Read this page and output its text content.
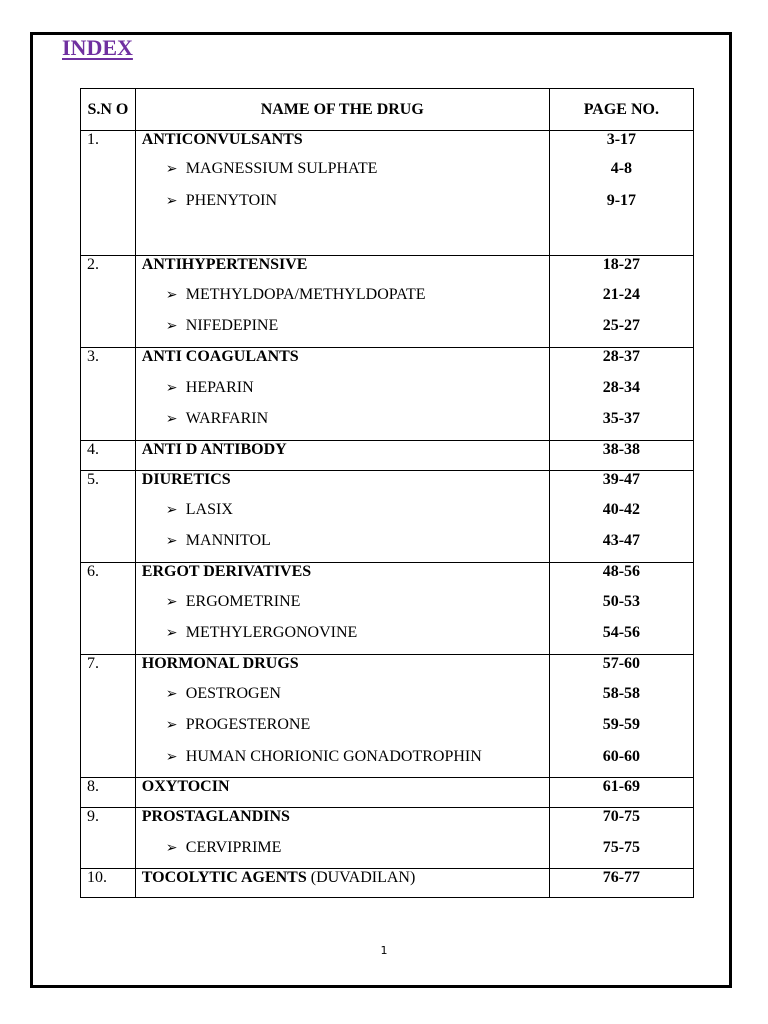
INDEX
S.N O	NAME OF THE DRUG	PAGE NO.
1.	ANTICONVULSANTS	3-17

	➢ MAGNESSIUM SULPHATE	4-8

	➢ PHENYTOIN	9-17

2.	ANTIHYPERTENSIVE	18-27

	➢ METHYLDOPA/METHYLDOPATE	21-24

	➢ NIFEDEPINE	25-27
3.	ANTI COAGULANTS	28-37

	➢ HEPARIN	28-34

	➢ WARFARIN	35-37
4.	ANTI D ANTIBODY	38-38
5.	DIURETICS	39-47

	➢ LASIX	40-42

	➢ MANNITOL	43-47
6.	ERGOT DERIVATIVES	48-56

	➢ ERGOMETRINE	50-53

	➢ METHYLERGONOVINE	54-56
7.	HORMONAL DRUGS	57-60

	➢ OESTROGEN	58-58

	➢ PROGESTERONE	59-59

	➢ HUMAN CHORIONIC GONADOTROPHIN	60-60
8.	OXYTOCIN	61-69
9.	PROSTAGLANDINS	70-75

	➢ CERVIPRIME	75-75
10.	TOCOLYTIC AGENTS (DUVADILAN)	76-77
1
